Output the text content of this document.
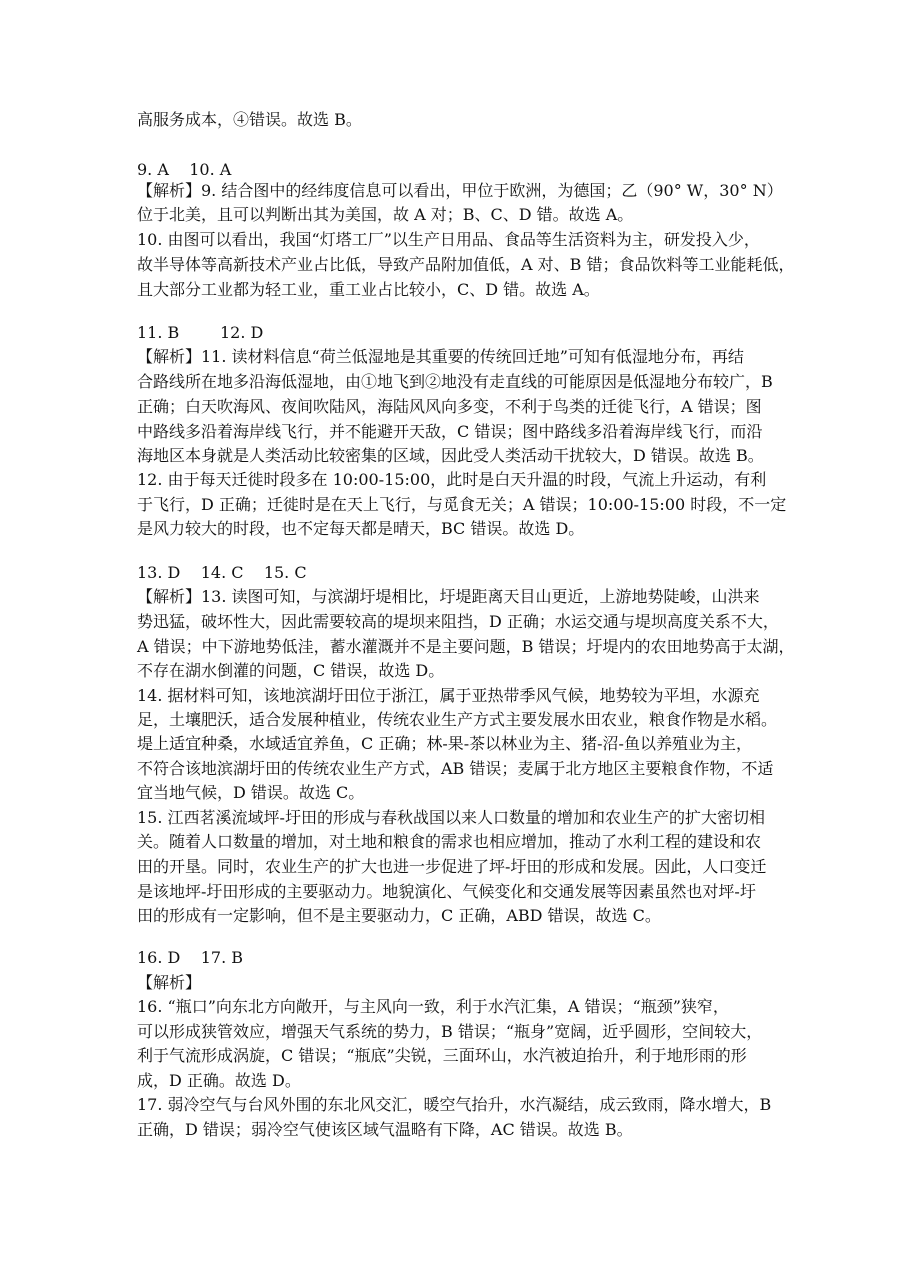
高服务成本，④错误。故选 B。
9. A    10. A
【解析】9. 结合图中的经纬度信息可以看出，甲位于欧洲，为德国；乙（90° W，30° N）
位于北美，且可以判断出其为美国，故 A 对；B、C、D 错。故选 A。
10. 由图可以看出，我国“灯塔工厂”以生产日用品、食品等生活资料为主，研发投入少，
故半导体等高新技术产业占比低，导致产品附加值低，A 对、B 错；食品饮料等工业能耗低，
且大部分工业都为轻工业，重工业占比较小，C、D 错。故选 A。
11. B        12. D
【解析】11. 读材料信息“荷兰低湿地是其重要的传统回迁地”可知有低湿地分布，再结
合路线所在地多沿海低湿地，由①地飞到②地没有走直线的可能原因是低湿地分布较广，B
正确；白天吹海风、夜间吹陆风，海陆风风向多变，不利于鸟类的迁徙飞行，A 错误；图
中路线多沿着海岸线飞行，并不能避开天敌，C 错误；图中路线多沿着海岸线飞行，而沿
海地区本身就是人类活动比较密集的区域，因此受人类活动干扰较大，D 错误。故选 B。
12. 由于每天迁徙时段多在 10:00-15:00，此时是白天升温的时段，气流上升运动，有利
于飞行，D 正确；迁徙时是在天上飞行，与觅食无关；A 错误；10:00-15:00 时段，不一定
是风力较大的时段，也不定每天都是晴天，BC 错误。故选 D。
13. D    14. C    15. C
【解析】13. 读图可知，与滨湖圩堤相比，圩堤距离天目山更近，上游地势陡峻，山洪来
势迅猛，破坏性大，因此需要较高的堤坝来阻挡，D 正确；水运交通与堤坝高度关系不大，
A 错误；中下游地势低洼，蓄水灌溉并不是主要问题，B 错误；圩堤内的农田地势高于太湖，
不存在湖水倒灌的问题，C 错误，故选 D。
14. 据材料可知，该地滨湖圩田位于浙江，属于亚热带季风气候，地势较为平坦，水源充
足，土壤肥沃，适合发展种植业，传统农业生产方式主要发展水田农业，粮食作物是水稻。
堤上适宜种桑，水域适宜养鱼，C 正确；林-果-茶以林业为主、猪-沼-鱼以养殖业为主，
不符合该地滨湖圩田的传统农业生产方式，AB 错误；麦属于北方地区主要粮食作物，不适
宜当地气候，D 错误。故选 C。
15. 江西茗溪流域坪-圩田的形成与春秋战国以来人口数量的增加和农业生产的扩大密切相
关。随着人口数量的增加，对土地和粮食的需求也相应增加，推动了水利工程的建设和农
田的开垦。同时，农业生产的扩大也进一步促进了坪-圩田的形成和发展。因此，人口变迁
是该地坪-圩田形成的主要驱动力。地貌演化、气候变化和交通发展等因素虽然也对坪-圩
田的形成有一定影响，但不是主要驱动力，C 正确，ABD 错误，故选 C。
16. D    17. B
【解析】
16. “瓶口”向东北方向敞开，与主风向一致，利于水汽汇集，A 错误；“瓶颈”狭窄，
可以形成狭管效应，增强天气系统的势力，B 错误；“瓶身”宽阔，近乎圆形，空间较大，
利于气流形成涡旋，C 错误；“瓶底”尖锐，三面环山，水汽被迫抬升，利于地形雨的形
成，D 正确。故选 D。
17. 弱冷空气与台风外围的东北风交汇，暖空气抬升，水汽凝结，成云致雨，降水增大，B
正确，D 错误；弱冷空气使该区域气温略有下降，AC 错误。故选 B。
